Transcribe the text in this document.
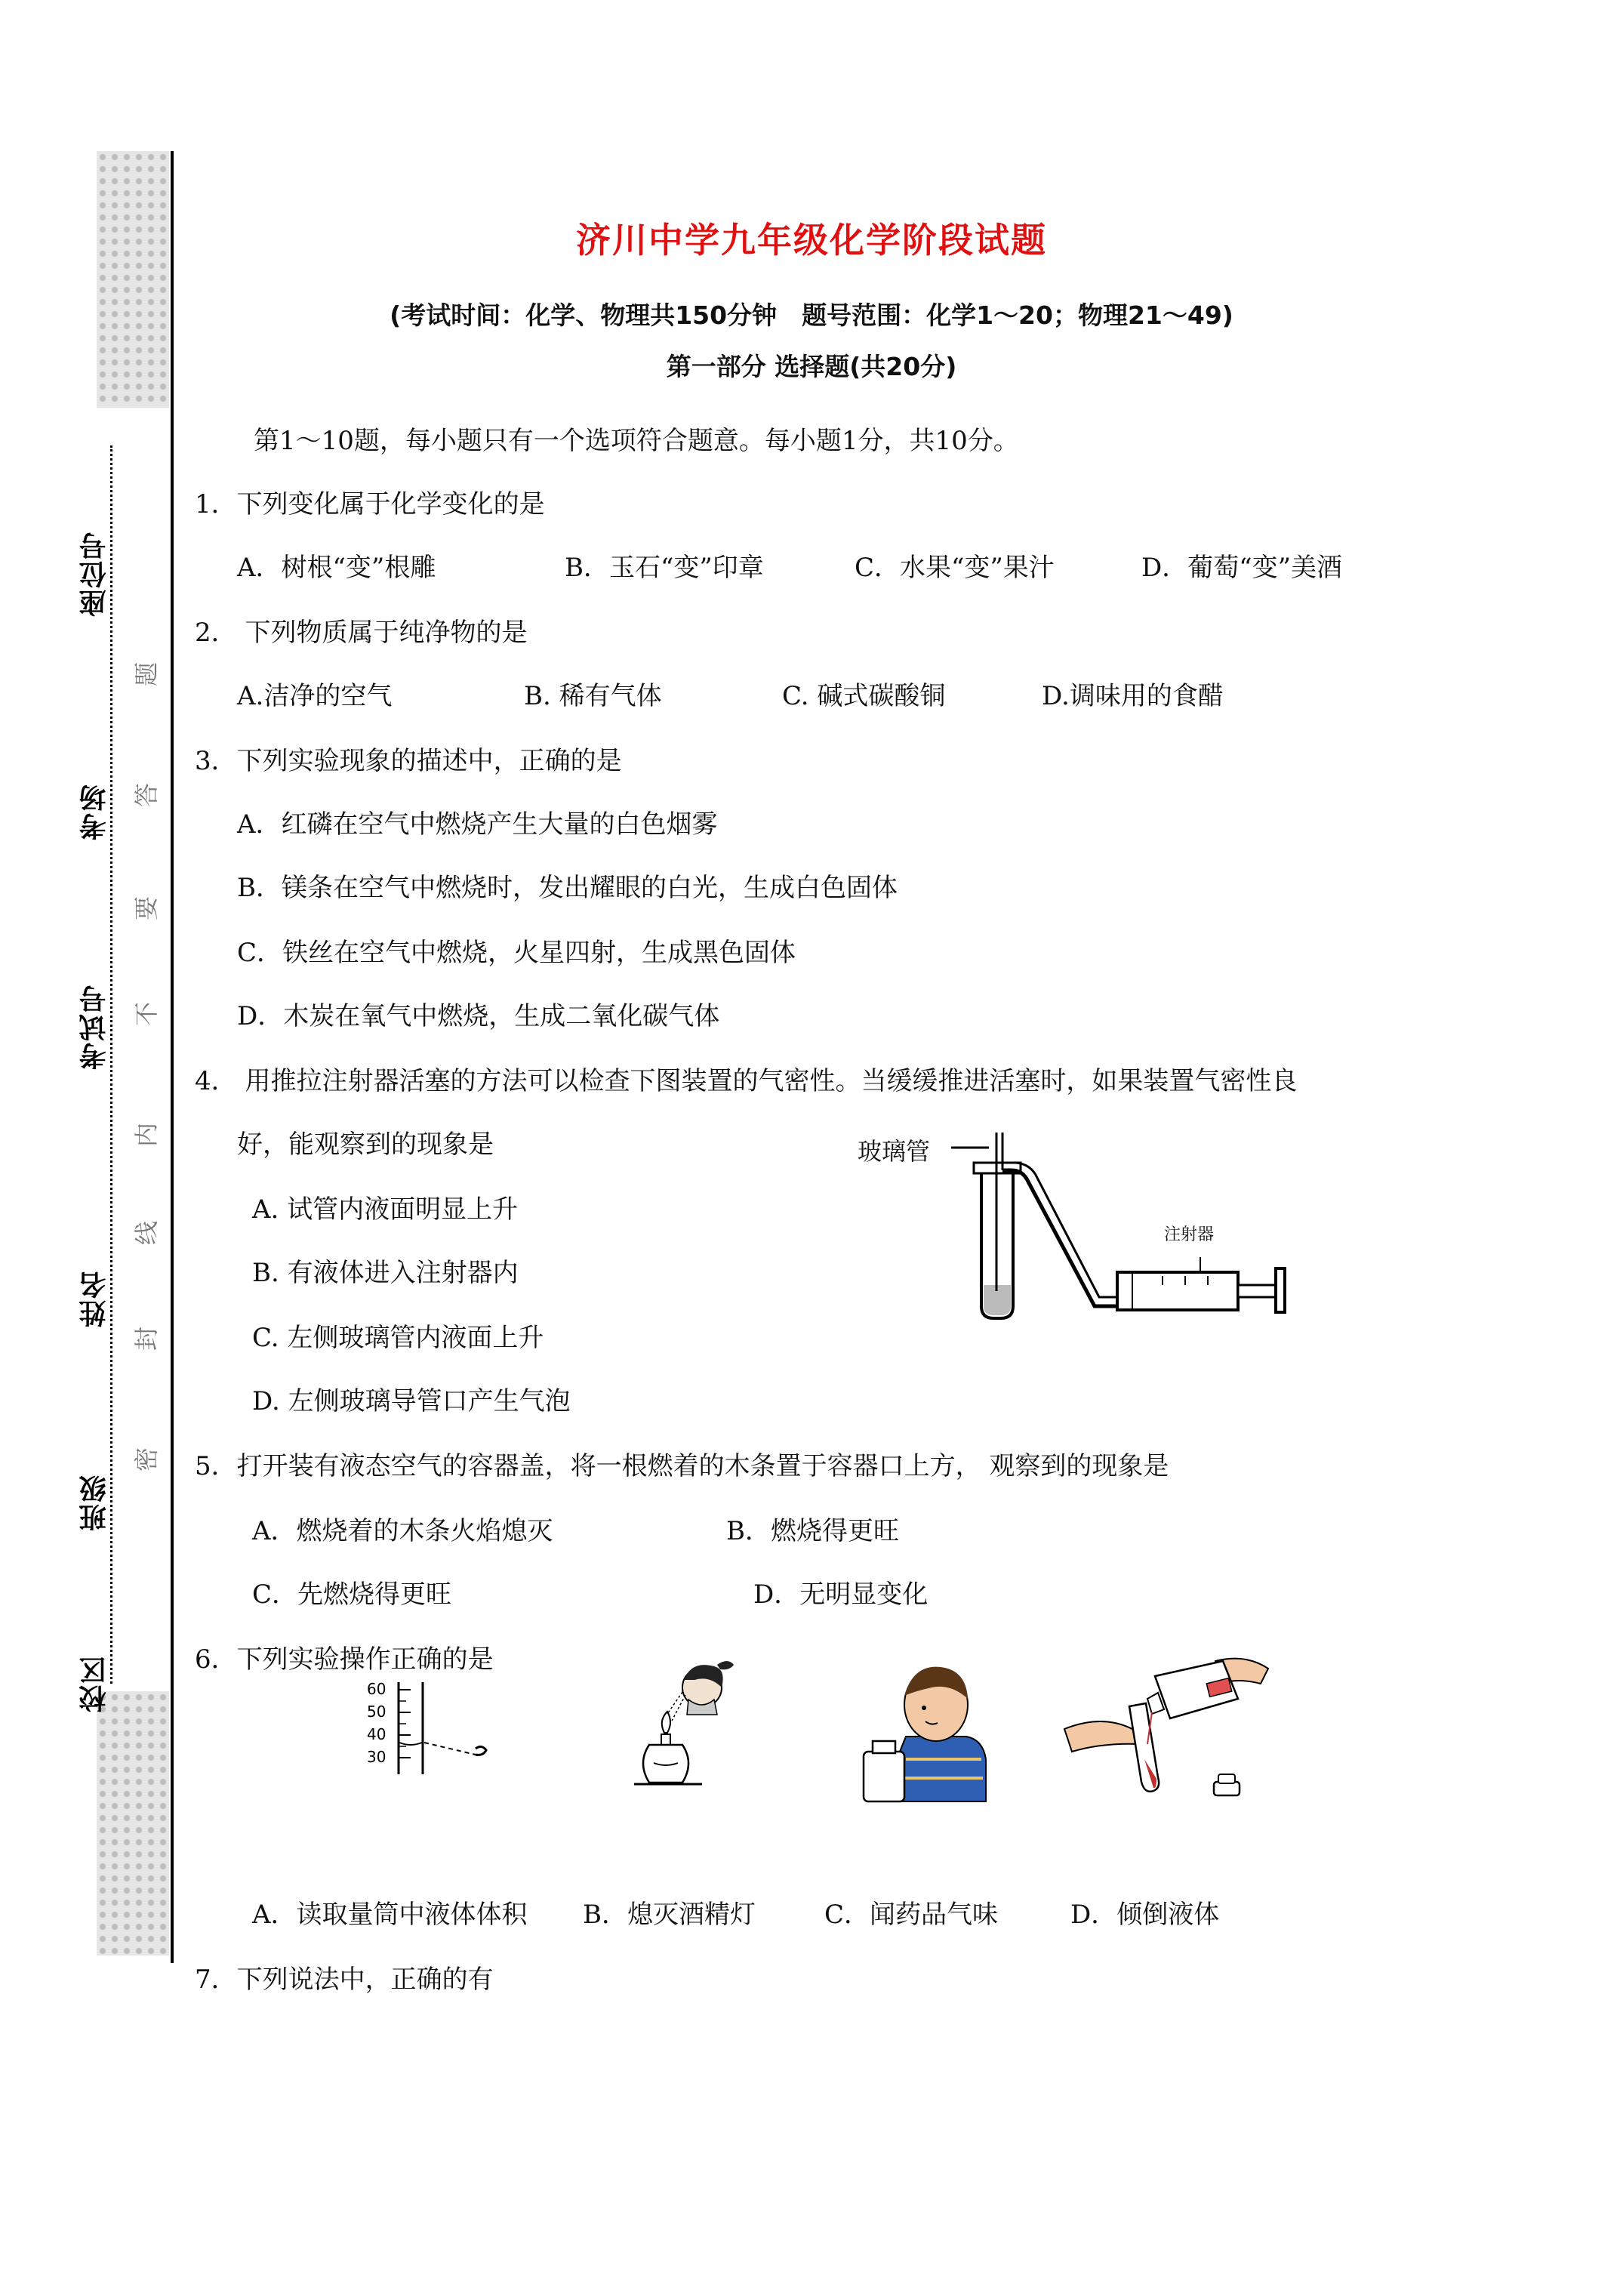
座位号
考场
考试号
姓名
班级
校区
题
答
要
不
内
线
封
密
济川中学九年级化学阶段试题
(考试时间：化学、物理共150分钟　题号范围：化学1～20；物理21～49)
第一部分 选择题(共20分)
第1～10题，每小题只有一个选项符合题意。每小题1分，共10分。
1．下列变化属于化学变化的是
A．树根“变”根雕	B．玉石“变”印章	C．水果“变”果汁	D．葡萄“变”美酒
2． 下列物质属于纯净物的是
A.洁净的空气	B. 稀有气体	C. 碱式碳酸铜	D.调味用的食醋
3．下列实验现象的描述中，正确的是
A．红磷在空气中燃烧产生大量的白色烟雾
B．镁条在空气中燃烧时，发出耀眼的白光，生成白色固体
C．铁丝在空气中燃烧，火星四射，生成黑色固体
D．木炭在氧气中燃烧，生成二氧化碳气体
4． 用推拉注射器活塞的方法可以检查下图装置的气密性。当缓缓推进活塞时，如果装置气密性良
好，能观察到的现象是
A. 试管内液面明显上升
B. 有液体进入注射器内
C. 左侧玻璃管内液面上升
D. 左侧玻璃导管口产生气泡
玻璃管
注射器
5．打开装有液态空气的容器盖，将一根燃着的木条置于容器口上方， 观察到的现象是
A．燃烧着的木条火焰熄灭	B．燃烧得更旺
C．先燃烧得更旺	D．无明显变化
6．下列实验操作正确的是
60
50
40
30
A．读取量筒中液体体积 B．熄灭酒精灯	C．闻药品气味	D．倾倒液体
7．下列说法中，正确的有
